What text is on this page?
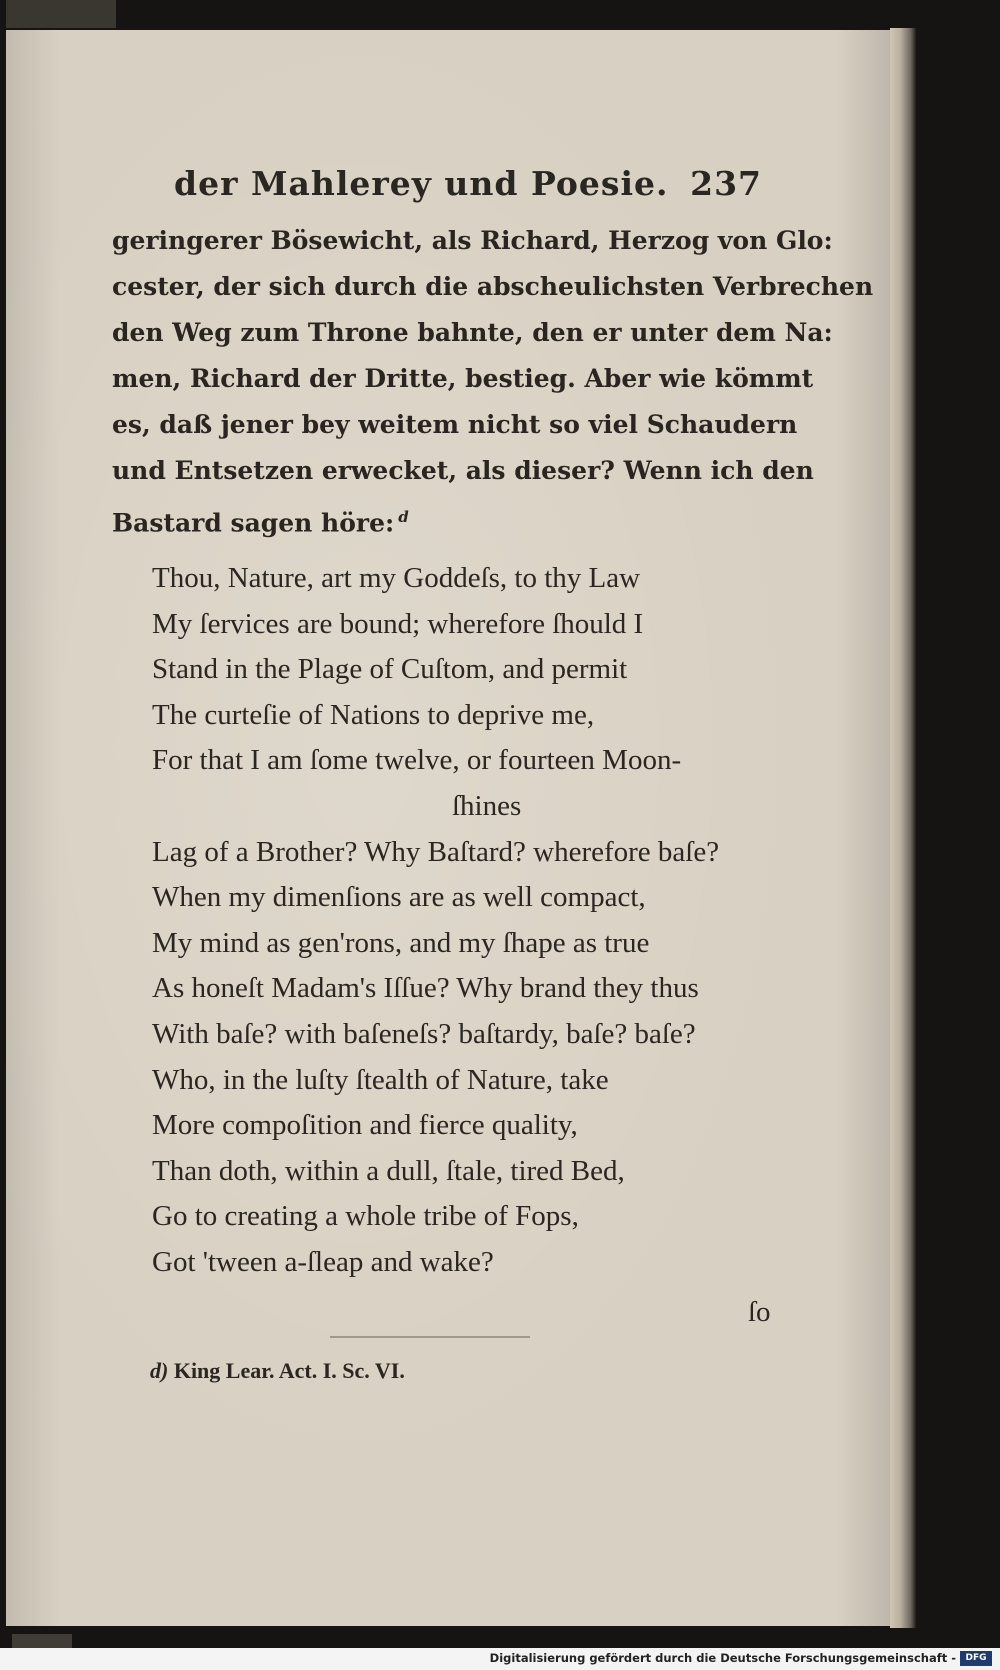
der Mahlerey und Poesie. 237
geringerer Bösewicht, als Richard, Herzog von Glo:
cester, der sich durch die abscheulichsten Verbrechen
den Weg zum Throne bahnte, den er unter dem Na:
men, Richard der Dritte, bestieg. Aber wie kömmt
es, daß jener bey weitem nicht so viel Schaudern
und Entsetzen erwecket, als dieser? Wenn ich den
Bastard sagen höre: $^d$
Thou, Nature, art my Goddeſs, to thy Law
My ſervices are bound; wherefore ſhould I
Stand in the Plage of Cuſtom, and permit
The curteſie of Nations to deprive me,
For that I am ſome twelve, or fourteen Moon-
ſhines
Lag of a Brother? Why Baſtard? wherefore baſe?
When my dimenſions are as well compact,
My mind as gen'rons, and my ſhape as true
As honeſt Madam's Iſſue? Why brand they thus
With baſe? with baſeneſs? baſtardy, baſe? baſe?
Who, in the luſty ſtealth of Nature, take
More compoſition and fierce quality,
Than doth, within a dull, ſtale, tired Bed,
Go to creating a whole tribe of Fops,
Got 'tween a-ſleap and wake?
ſo
d) King Lear. Act. I. Sc. VI.
Digitalisierung gefördert durch die Deutsche Forschungsgemeinschaft -	DFG
